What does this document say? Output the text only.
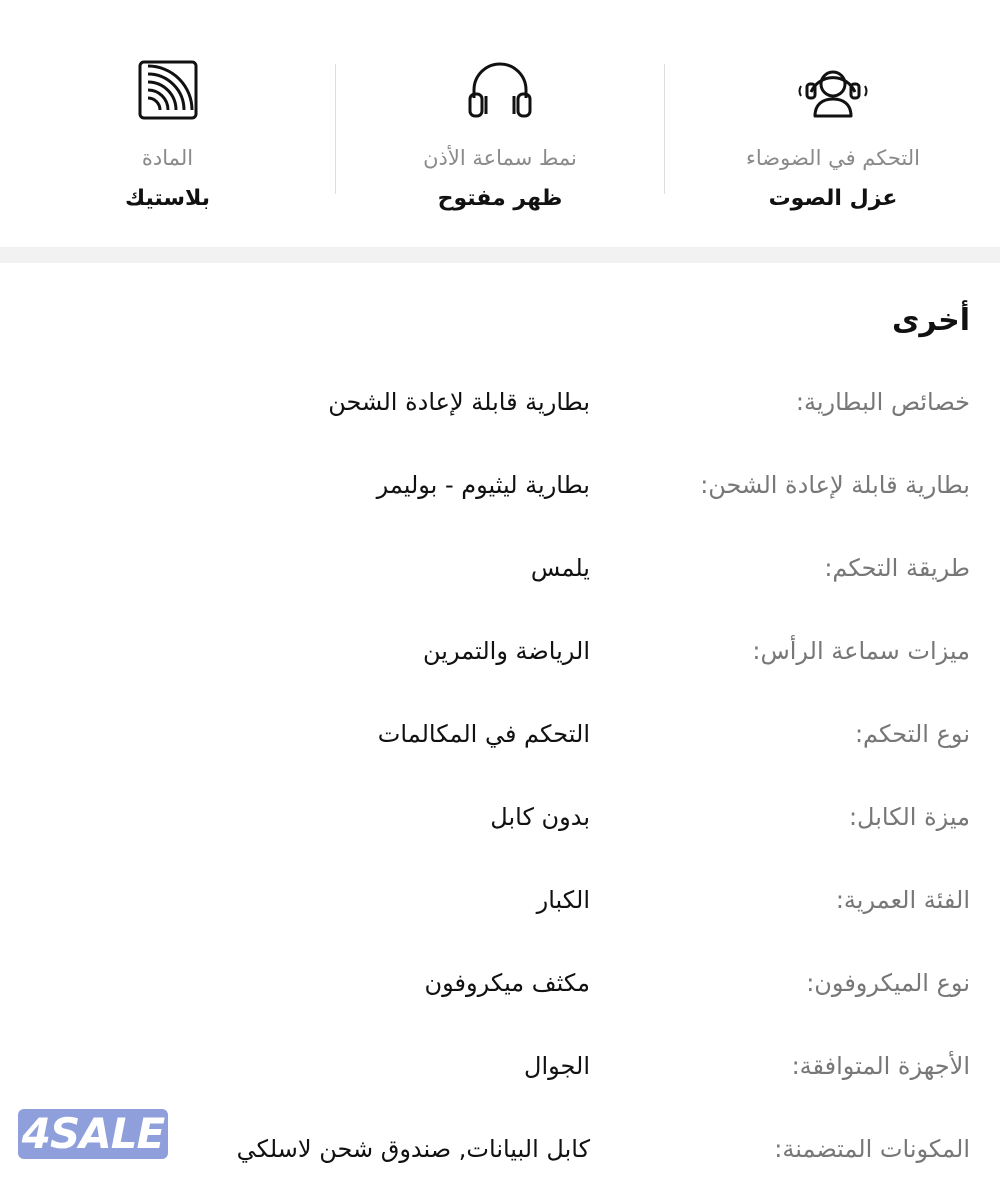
التحكم في الضوضاء
عزل الصوت
نمط سماعة الأذن
ظهر مفتوح
المادة
بلاستيك
أخرى
خصائص البطارية:
بطارية قابلة لإعادة الشحن
بطارية قابلة لإعادة الشحن:
بطارية ليثيوم - بوليمر
طريقة التحكم:
يلمس
ميزات سماعة الرأس:
الرياضة والتمرين
نوع التحكم:
التحكم في المكالمات
ميزة الكابل:
بدون كابل
الفئة العمرية:
الكبار
نوع الميكروفون:
مكثف ميكروفون
الأجهزة المتوافقة:
الجوال
المكونات المتضمنة:
كابل البيانات, صندوق شحن لاسلكي
4SALE
